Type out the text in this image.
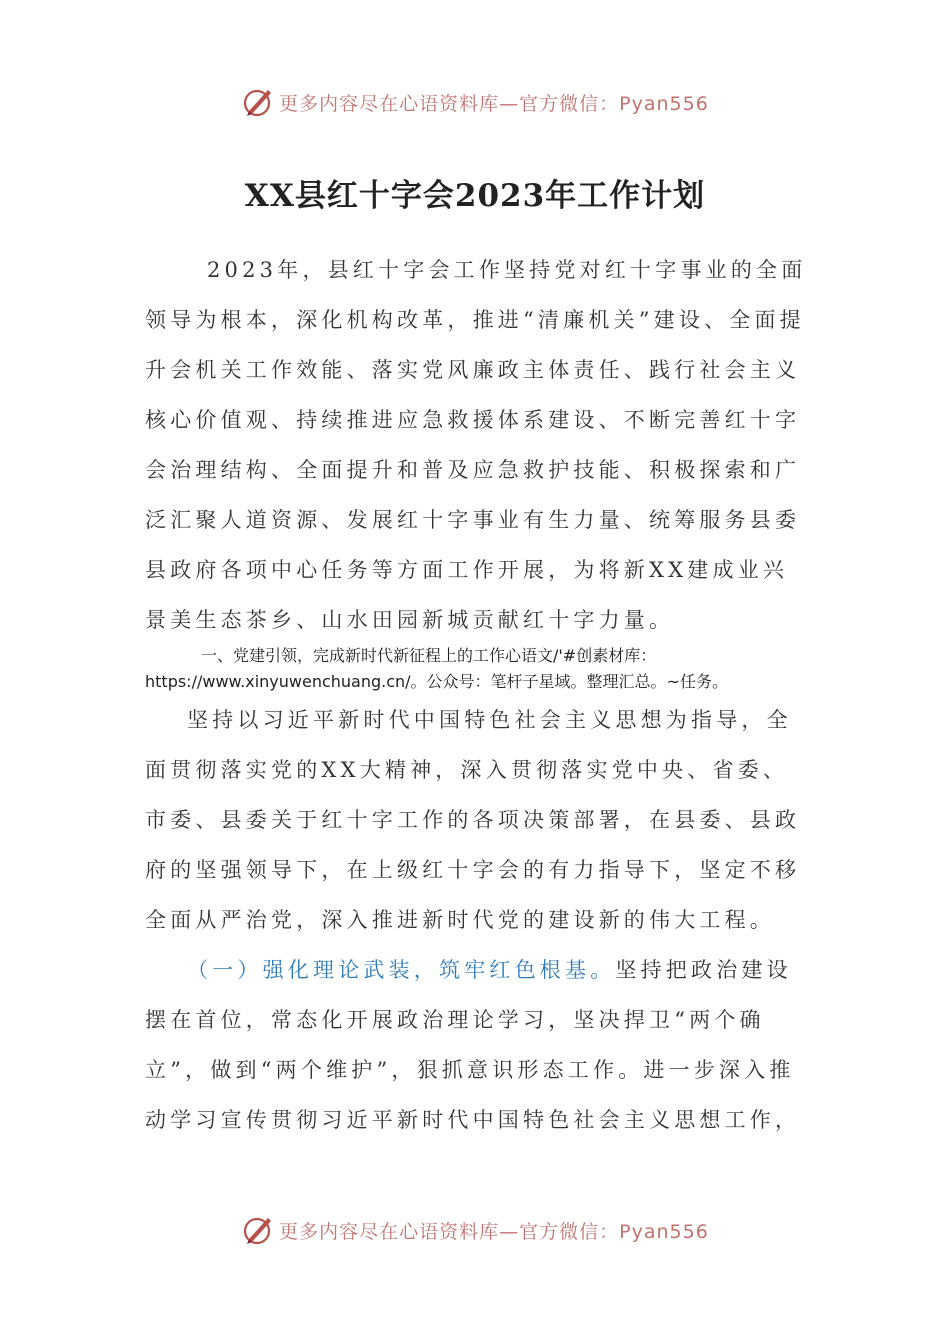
更多内容尽在心语资料库—官方微信：Pyan556
XX县红十字会2023年工作计划

2023年，县红十字会工作坚持党对红十字事业的全面领导为根本，深化机构改革，推进“清廉机关”建设、全面提升会机关工作效能、落实党风廉政主体责任、践行社会主义核心价值观、持续推进应急救援体系建设、不断完善红十字会治理结构、全面提升和普及应急救护技能、积极探索和广泛汇聚人道资源、发展红十字事业有生力量、统筹服务县委县政府各项中心任务等方面工作开展，为将新XX建成业兴景美生态茶乡、山水田园新城贡献红十字力量。

一、党建引领，完成新时代新征程上的工作心语文/'#创素材库：
https://www.xinyuwenchuang.cn/。公众号：笔杆子星域。整理汇总。~任务。

坚持以习近平新时代中国特色社会主义思想为指导，全面贯彻落实党的XX大精神，深入贯彻落实党中央、省委、市委、县委关于红十字工作的各项决策部署，在县委、县政府的坚强领导下，在上级红十字会的有力指导下，坚定不移全面从严治党，深入推进新时代党的建设新的伟大工程。

（一）强化理论武装，筑牢红色根基。坚持把政治建设摆在首位，常态化开展政治理论学习，坚决捍卫“两个确立”，做到“两个维护”，狠抓意识形态工作。进一步深入推动学习宣传贯彻习近平新时代中国特色社会主义思想工作，

更多内容尽在心语资料库—官方微信：Pyan556
